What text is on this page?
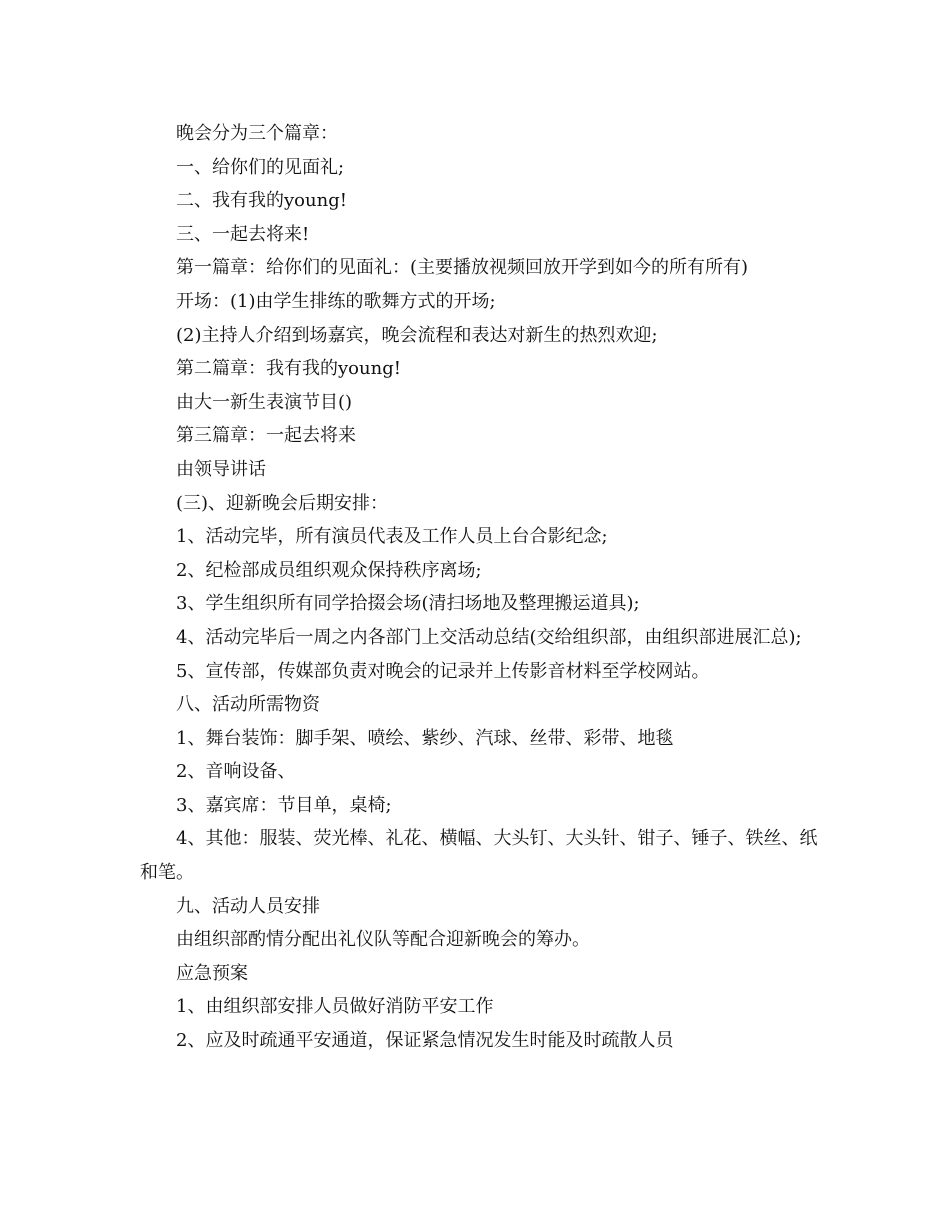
晚会分为三个篇章：
一、给你们的见面礼;
二、我有我的young!
三、一起去将来!
第一篇章：给你们的见面礼：(主要播放视频回放开学到如今的所有所有)
开场：(1)由学生排练的歌舞方式的开场;
(2)主持人介绍到场嘉宾，晚会流程和表达对新生的热烈欢迎;
第二篇章：我有我的young!
由大一新生表演节目()
第三篇章：一起去将来
由领导讲话
(三)、迎新晚会后期安排：
1、活动完毕，所有演员代表及工作人员上台合影纪念;
2、纪检部成员组织观众保持秩序离场;
3、学生组织所有同学拾掇会场(清扫场地及整理搬运道具);
4、活动完毕后一周之内各部门上交活动总结(交给组织部，由组织部进展汇总);
5、宣传部，传媒部负责对晚会的记录并上传影音材料至学校网站。
八、活动所需物资
1、舞台装饰：脚手架、喷绘、紫纱、汽球、丝带、彩带、地毯
2、音响设备、
3、嘉宾席：节目单，桌椅;
4、其他：服装、荧光棒、礼花、横幅、大头钉、大头针、钳子、锤子、铁丝、纸和笔。
九、活动人员安排
由组织部酌情分配出礼仪队等配合迎新晚会的筹办。
应急预案
1、由组织部安排人员做好消防平安工作
2、应及时疏通平安通道，保证紧急情况发生时能及时疏散人员
